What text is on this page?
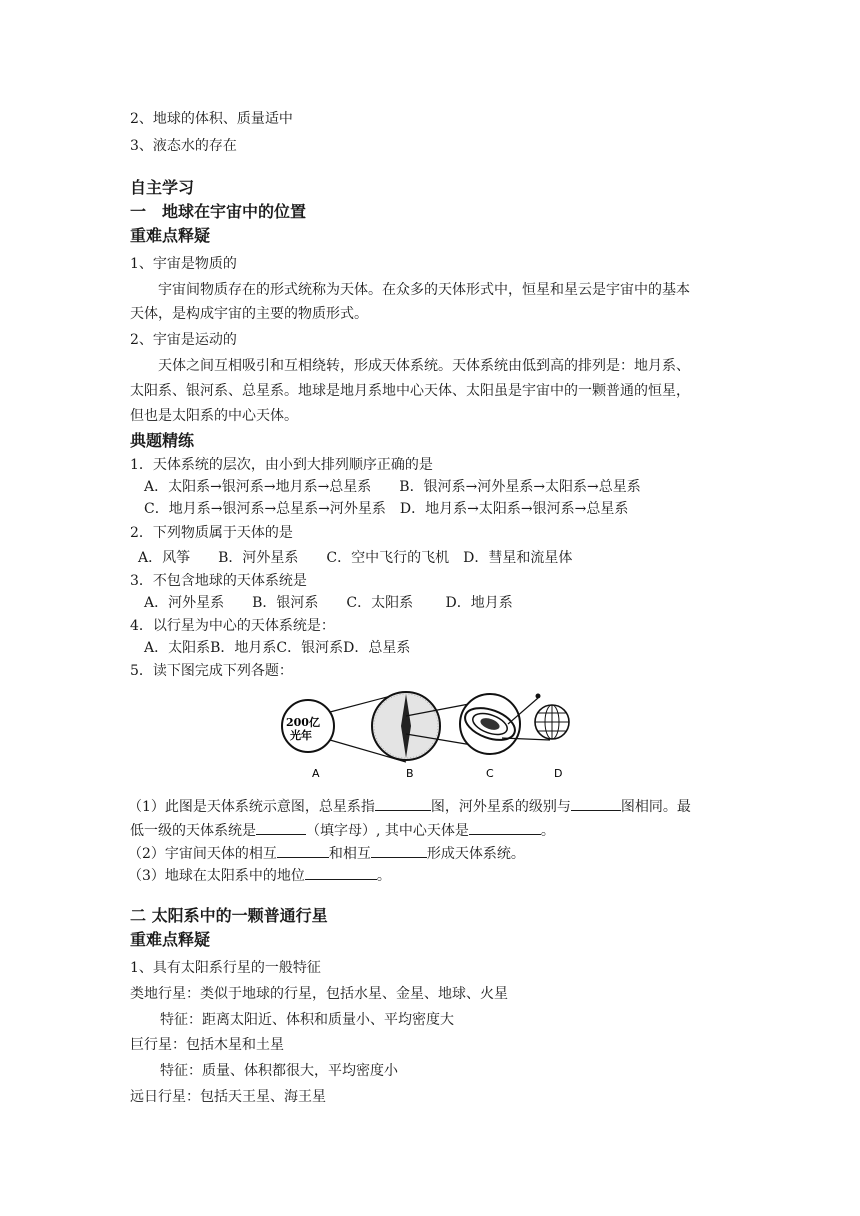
2、地球的体积、质量适中
3、液态水的存在
自主学习
一　地球在宇宙中的位置
重难点释疑
1、宇宙是物质的
宇宙间物质存在的形式统称为天体。在众多的天体形式中，恒星和星云是宇宙中的基本
天体，是构成宇宙的主要的物质形式。
2、宇宙是运动的
天体之间互相吸引和互相绕转，形成天体系统。天体系统由低到高的排列是：地月系、
太阳系、银河系、总星系。地球是地月系地中心天体、太阳虽是宇宙中的一颗普通的恒星，
但也是太阳系的中心天体。
典题精练
1．天体系统的层次，由小到大排列顺序正确的是
A．太阳系→银河系→地月系→总星系　　B．银河系→河外星系→太阳系→总星系
C．地月系→银河系→总星系→河外星系　D．地月系→太阳系→银河系→总星系
2．下列物质属于天体的是
A．风筝　　B．河外星系　　C．空中飞行的飞机　D．彗星和流星体
3．不包含地球的天体系统是
A．河外星系　　B．银河系　　C．太阳系　　 D．地月系
4．以行星为中心的天体系统是：
A．太阳系B．地月系C．银河系D．总星系
5．读下图完成下列各题：
200亿
光年
A	B	C	D
（1）此图是天体系统示意图，总星系指	图，河外星系的级别与	图相同。最
低一级的天体系统是	（填字母）, 其中心天体是	。
（2）宇宙间天体的相互	和相互	形成天体系统。
（3）地球在太阳系中的地位	。
二 太阳系中的一颗普通行星
重难点释疑
1、具有太阳系行星的一般特征
类地行星：类似于地球的行星，包括水星、金星、地球、火星
特征：距离太阳近、体积和质量小、平均密度大
巨行星：包括木星和土星
特征：质量、体积都很大，平均密度小
远日行星：包括天王星、海王星
